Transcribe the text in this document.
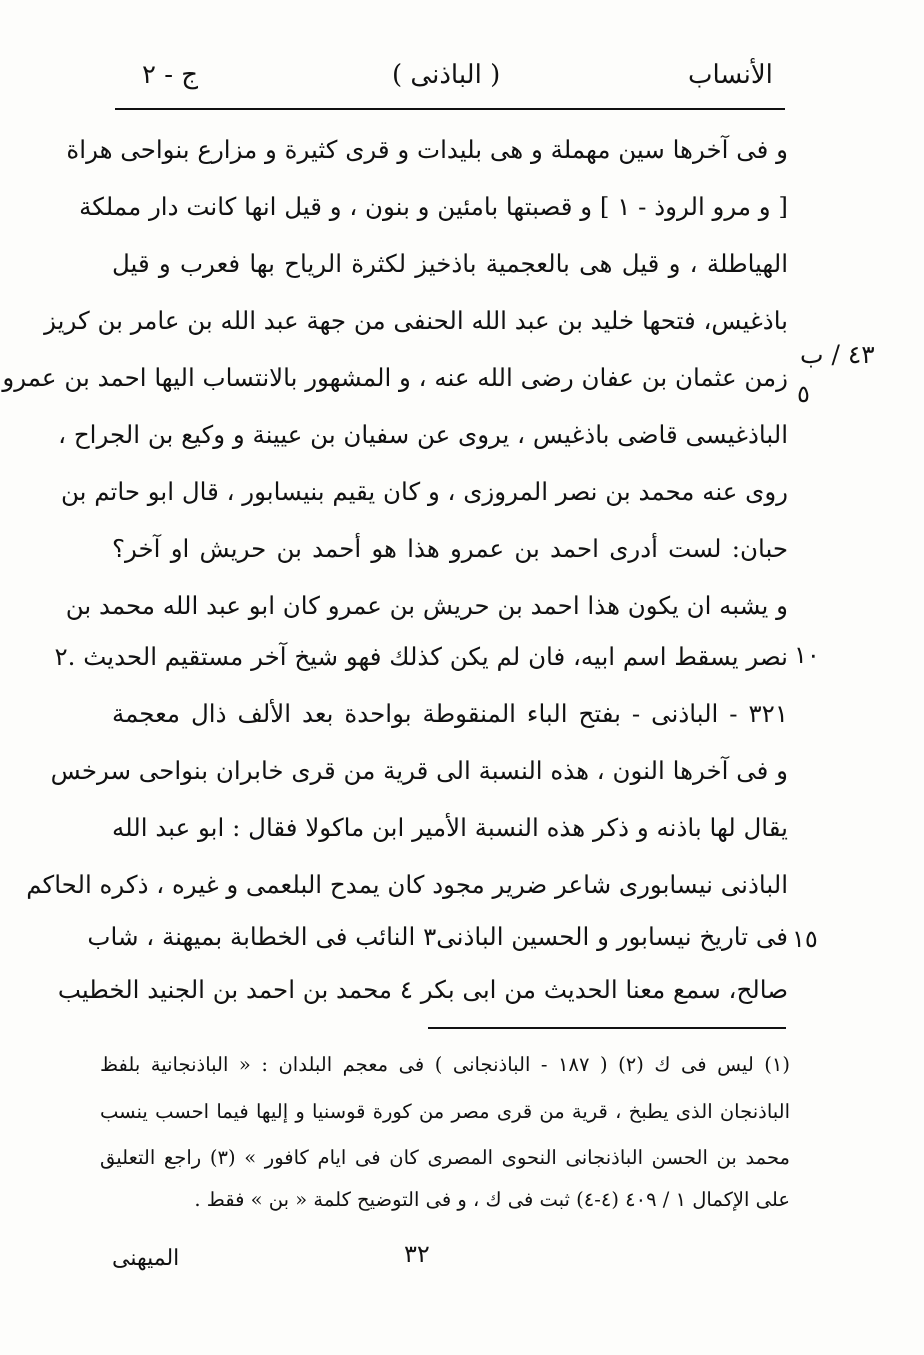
الأنساب
( الباذنى )
ج - ٢
٤٣ / ب
٥
١٠
١٥
و فى آخرها سين مهملة و هى بليدات و قرى كثيرة و مزارع بنواحى هراة
[ و مرو الروذ - ١ ] و قصبتها بامئين و بنون ، و قيل انها كانت دار مملكة
الهياطلة ، و قيل هى بالعجمية باذخيز لكثرة الرياح بها فعرب و قيل
باذغيس، فتحها خليد بن عبد الله الحنفى من جهة عبد الله بن عامر بن كريز
زمن عثمان بن عفان رضى الله عنه ، و المشهور بالانتساب اليها احمد بن عمرو
الباذغيسى قاضى باذغيس ، يروى عن سفيان بن عيينة و وكيع بن الجراح ،
روى عنه محمد بن نصر المروزى ، و كان يقيم بنيسابور ، قال ابو حاتم بن
حبان: لست أدرى احمد بن عمرو هذا هو أحمد بن حريش او آخر؟
و يشبه ان يكون هذا احمد بن حريش بن عمرو كان ابو عبد الله محمد بن
نصر يسقط اسم ابيه، فان لم يكن كذلك فهو شيخ آخر مستقيم الحديث .٢
٣٢١ - الباذنى - بفتح الباء المنقوطة بواحدة بعد الألف ذال معجمة
و فى آخرها النون ، هذه النسبة الى قرية من قرى خابران بنواحى سرخس
يقال لها باذنه و ذكر هذه النسبة الأمير ابن ماكولا فقال : ابو عبد الله
الباذنى نيسابورى شاعر ضرير مجود كان يمدح البلعمى و غيره ، ذكره الحاكم
فى تاريخ نيسابور و الحسين الباذنى٣ النائب فى الخطابة بميهنة ، شاب
صالح، سمع معنا الحديث من ابى بكر ٤ محمد بن احمد بن الجنيد الخطيب
(١) ليس فى ك (٢) ( ١٨٧ - الباذنجانى ) فى معجم البلدان : « الباذنجانية بلفظ
الباذنجان الذى يطبخ ، قرية من قرى مصر من كورة قوسنيا و إليها فيما احسب ينسب
محمد بن الحسن الباذنجانى النحوى المصرى كان فى ايام كافور » (٣) راجع التعليق
على الإكمال ١ / ٤٠٩ (٤-٤) ثبت فى ك ، و فى التوضيح كلمة « بن » فقط .
٣٢
الميهنى
